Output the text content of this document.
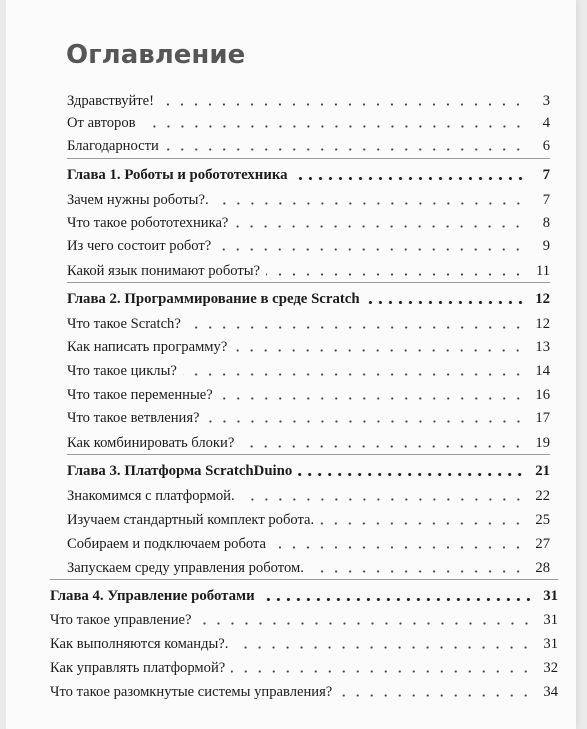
Оглавление
Здравствуйте!	3
От авторов	4
Благодарности	6
Глава 1. Роботы и робототехника	7
Зачем нужны роботы?.	7
Что такое робототехника?	8
Из чего состоит робот?	9
Какой язык понимают роботы?	11
Глава 2. Программирование в среде Scratch	12
Что такое Scratch?	12
Как написать программу?	13
Что такое циклы?	14
Что такое переменные?	16
Что такое ветвления?	17
Как комбинировать блоки?	19
Глава 3. Платформа ScratchDuino	21
Знакомимся с платформой.	22
Изучаем стандартный комплект робота.	25
Собираем и подключаем робота	27
Запускаем среду управления роботом.	28
Глава 4. Управление роботами	31
Что такое управление?	31
Как выполняются команды?.	31
Как управлять платформой?	32
Что такое разомкнутые системы управления?	34
